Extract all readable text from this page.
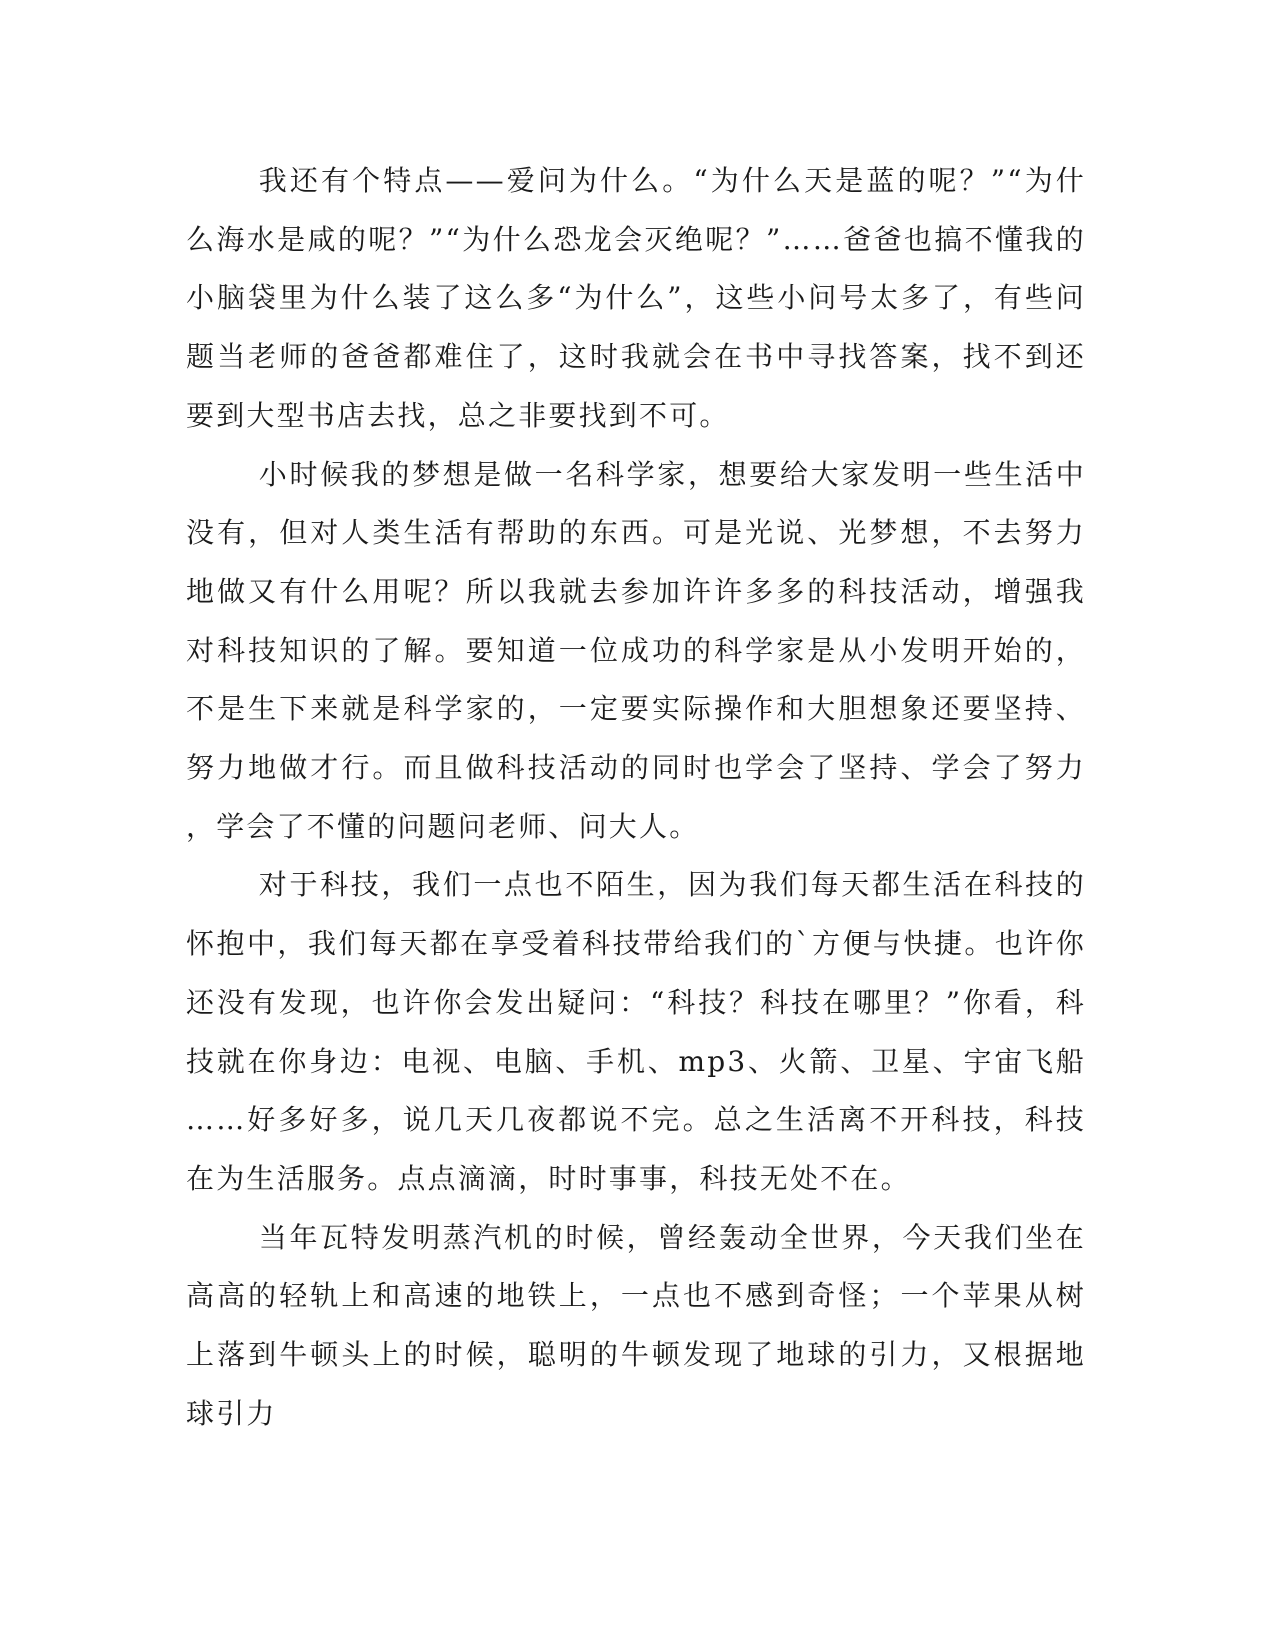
我还有个特点——爱问为什么。“为什么天是蓝的呢？”“为什么海水是咸的呢？”“为什么恐龙会灭绝呢？”……爸爸也搞不懂我的小脑袋里为什么装了这么多“为什么”，这些小问号太多了，有些问题当老师的爸爸都难住了，这时我就会在书中寻找答案，找不到还要到大型书店去找，总之非要找到不可。

小时候我的梦想是做一名科学家，想要给大家发明一些生活中没有，但对人类生活有帮助的东西。可是光说、光梦想，不去努力地做又有什么用呢？所以我就去参加许许多多的科技活动，增强我对科技知识的了解。要知道一位成功的科学家是从小发明开始的，不是生下来就是科学家的，一定要实际操作和大胆想象还要坚持、努力地做才行。而且做科技活动的同时也学会了坚持、学会了努力，学会了不懂的问题问老师、问大人。

对于科技，我们一点也不陌生，因为我们每天都生活在科技的怀抱中，我们每天都在享受着科技带给我们的`方便与快捷。也许你还没有发现，也许你会发出疑问：“科技？科技在哪里？”你看，科技就在你身边：电视、电脑、手机、mp3、火箭、卫星、宇宙飞船……好多好多，说几天几夜都说不完。总之生活离不开科技，科技在为生活服务。点点滴滴，时时事事，科技无处不在。

当年瓦特发明蒸汽机的时候，曾经轰动全世界，今天我们坐在高高的轻轨上和高速的地铁上，一点也不感到奇怪；一个苹果从树上落到牛顿头上的时候，聪明的牛顿发现了地球的引力，又根据地球引力
